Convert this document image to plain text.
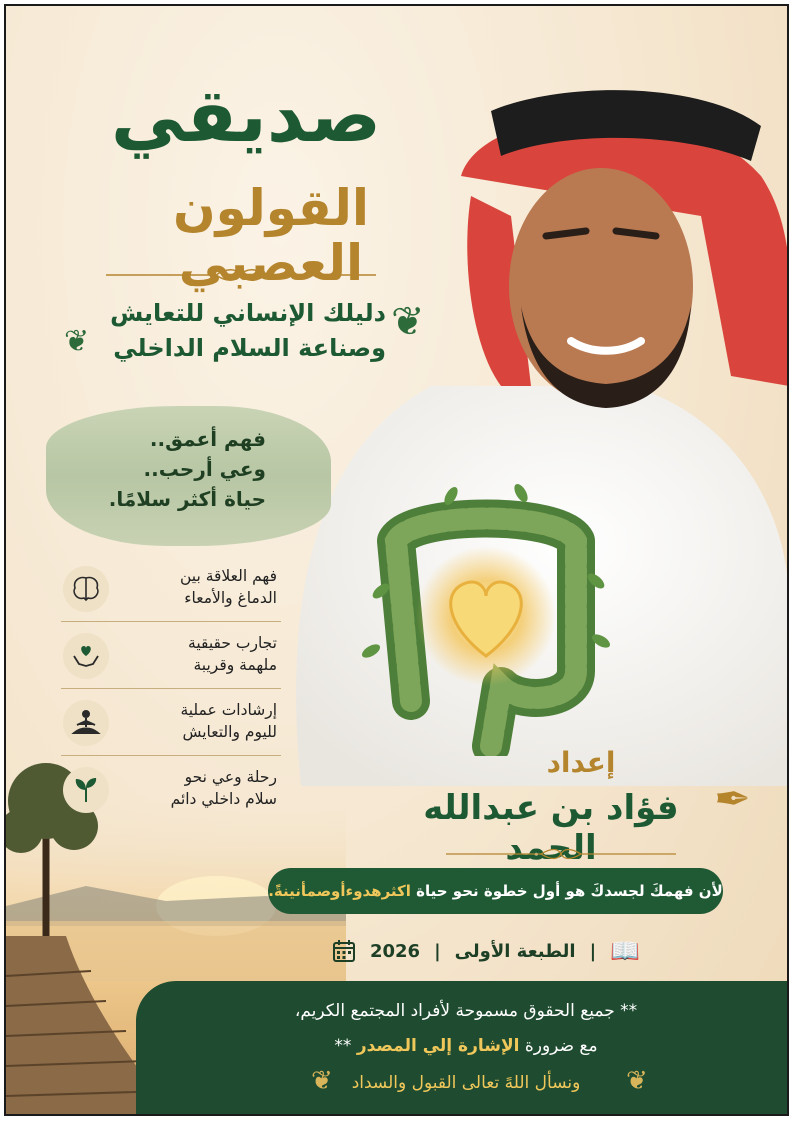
صديقي
القولون العصبي
دليلك الإنساني للتعايش
وصناعة السلام الداخلي
❦
❦
فهم أعمق..
وعي أرحب..
حياة أكثر سلامًا.
فهم العلاقة بين
الدماغ والأمعاء
تجارب حقيقية
ملهمة وقريبة
إرشادات عملية
لليوم والتعايش
رحلة وعي نحو
سلام داخلي دائم
إعداد
فؤاد بن عبدالله الحمد
✒
لأن فهمكَ لجسدكَ هو أول خطوة نحو حياة اكثرهدوءأوصمأنينةً.
📖
|
الطبعة الأولى
|
2026
** جميع الحقوق مسموحة لأفراد المجتمع الكريم،
مع ضرورة الإشارة إلي المصدر **
ونسأل اللهً تعالى القبول والسداد
❦	❦
